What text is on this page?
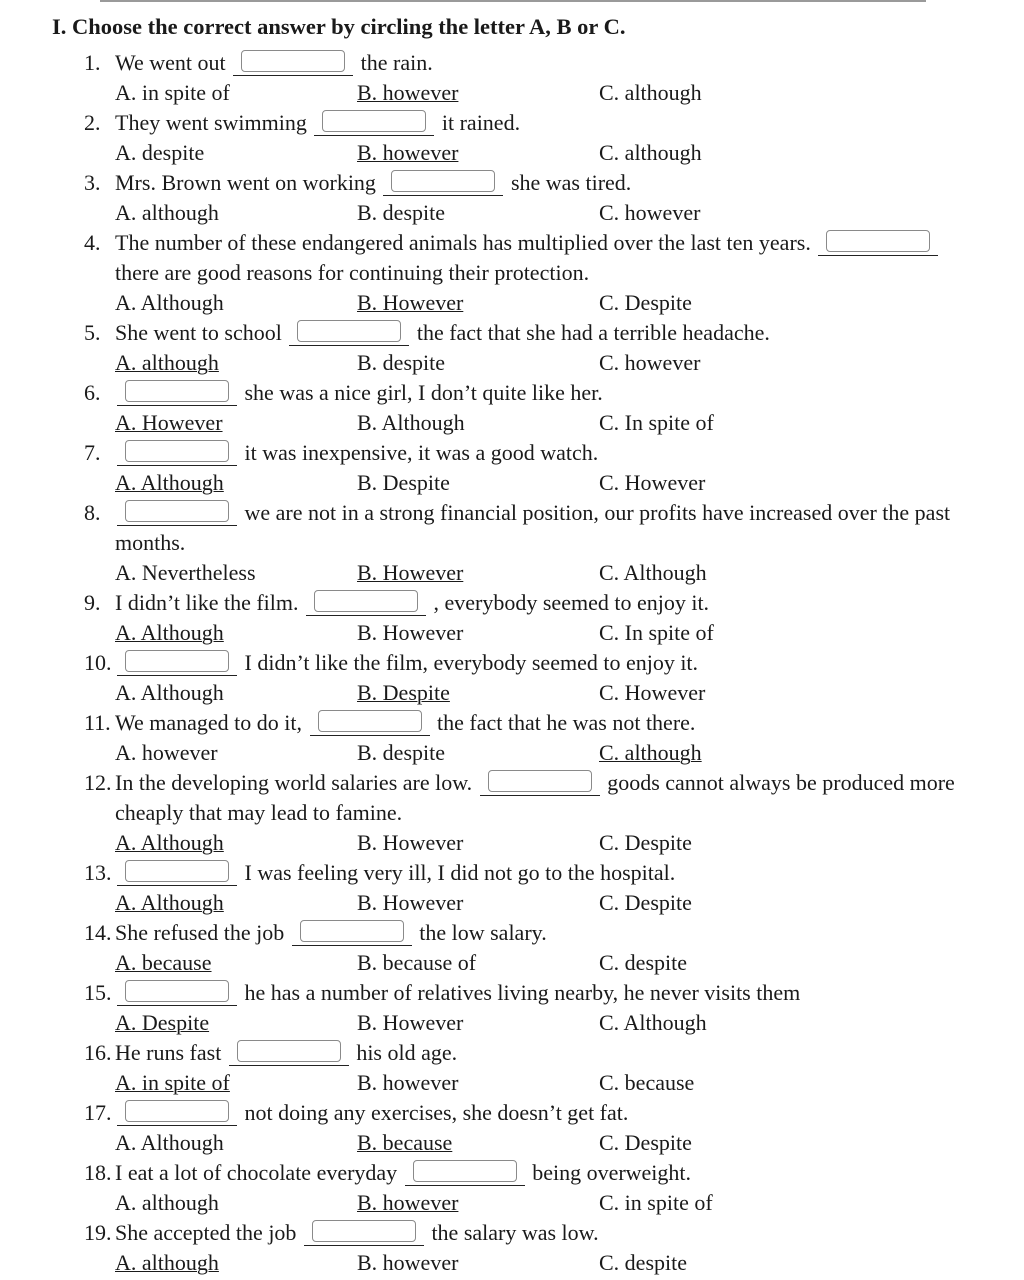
I. Choose the correct answer by circling the letter A, B or C.
1. We went out	the rain.
A. in spite of	B. however	C. although
2. They went swimming	it rained.
A. despite	B. however	C. although
3. Mrs. Brown went on working	she was tired.
A. although	B. despite	C. however
4. The number of these endangered animals has multiplied over the last ten years.
there are good reasons for continuing their protection.
A. Although	B. However	C. Despite
5. She went to school	the fact that she had a terrible headache.
A. although	B. despite	C. however
6.	she was a nice girl, I don’t quite like her.
A. However	B. Although	C. In spite of
7.	it was inexpensive, it was a good watch.
A. Although	B. Despite	C. However
8.	we are not in a strong financial position, our profits have increased over the past
months.
A. Nevertheless	B. However	C. Although
9. I didn’t like the film.	, everybody seemed to enjoy it.
A. Although	B. However	C. In spite of
10.	I didn’t like the film, everybody seemed to enjoy it.
A. Although	B. Despite	C. However
11. We managed to do it,	the fact that he was not there.
A. however	B. despite	C. although
12. In the developing world salaries are low.	goods cannot always be produced more
cheaply that may lead to famine.
A. Although	B. However	C. Despite
13.	I was feeling very ill, I did not go to the hospital.
A. Although	B. However	C. Despite
14. She refused the job	the low salary.
A. because	B. because of	C. despite
15.	he has a number of relatives living nearby, he never visits them
A. Despite	B. However	C. Although
16. He runs fast	his old age.
A. in spite of	B. however	C. because
17.	not doing any exercises, she doesn’t get fat.
A. Although	B. because	C. Despite
18. I eat a lot of chocolate everyday	being overweight.
A. although	B. however	C. in spite of
19. She accepted the job	the salary was low.
A. although	B. however	C. despite
